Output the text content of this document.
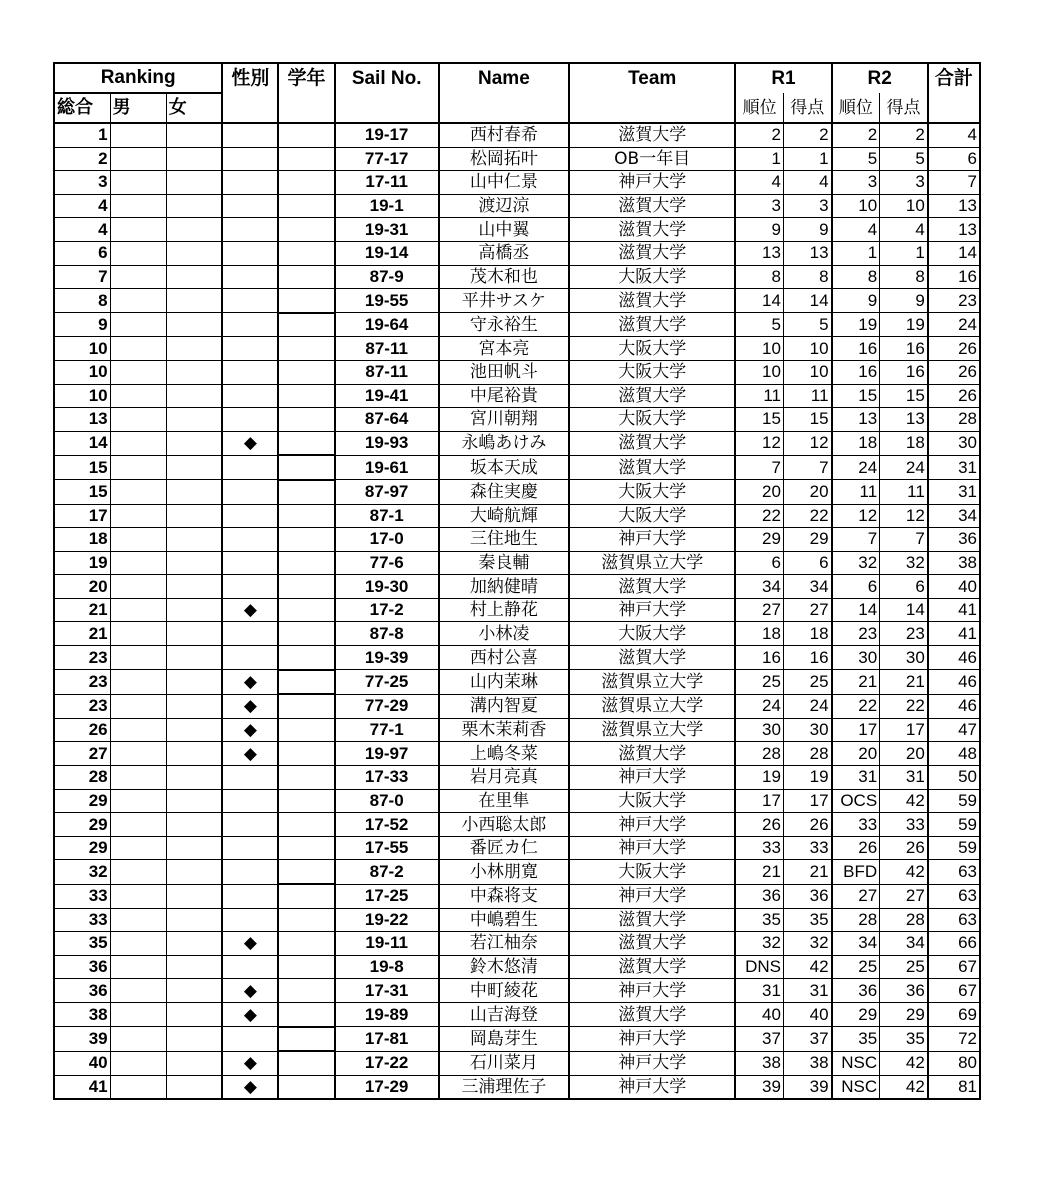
Ranking			性別	学年	Sail No.	Name	Team	R1		R2		合計
総合	男	女						順位	得点	順位	得点	
1					19-17	西村春希	滋賀大学	2	2	2	2	4
2					77-17	松岡拓叶	OB一年目	1	1	5	5	6
3					17-11	山中仁景	神戸大学	4	4	3	3	7
4					19-1	渡辺涼	滋賀大学	3	3	10	10	13
4					19-31	山中翼	滋賀大学	9	9	4	4	13
6					19-14	高橋丞	滋賀大学	13	13	1	1	14
7					87-9	茂木和也	大阪大学	8	8	8	8	16
8					19-55	平井サスケ	滋賀大学	14	14	9	9	23
9					19-64	守永裕生	滋賀大学	5	5	19	19	24
10					87-11	宮本亮	大阪大学	10	10	16	16	26
10					87-11	池田帆斗	大阪大学	10	10	16	16	26
10					19-41	中尾裕貴	滋賀大学	11	11	15	15	26
13					87-64	宮川朝翔	大阪大学	15	15	13	13	28
14			◆		19-93	永嶋あけみ	滋賀大学	12	12	18	18	30
15					19-61	坂本天成	滋賀大学	7	7	24	24	31
15					87-97	森住実慶	大阪大学	20	20	11	11	31
17					87-1	大崎航輝	大阪大学	22	22	12	12	34
18					17-0	三住地生	神戸大学	29	29	7	7	36
19					77-6	秦良輔	滋賀県立大学	6	6	32	32	38
20					19-30	加納健晴	滋賀大学	34	34	6	6	40
21			◆		17-2	村上静花	神戸大学	27	27	14	14	41
21					87-8	小林凌	大阪大学	18	18	23	23	41
23					19-39	西村公喜	滋賀大学	16	16	30	30	46
23			◆		77-25	山内茉琳	滋賀県立大学	25	25	21	21	46
23			◆		77-29	溝内智夏	滋賀県立大学	24	24	22	22	46
26			◆		77-1	栗木茉莉香	滋賀県立大学	30	30	17	17	47
27			◆		19-97	上嶋冬菜	滋賀大学	28	28	20	20	48
28					17-33	岩月亮真	神戸大学	19	19	31	31	50
29					87-0	在里隼	大阪大学	17	17	OCS	42	59
29					17-52	小西聡太郎	神戸大学	26	26	33	33	59
29					17-55	番匠カ仁	神戸大学	33	33	26	26	59
32					87-2	小林朋寛	大阪大学	21	21	BFD	42	63
33					17-25	中森将支	神戸大学	36	36	27	27	63
33					19-22	中嶋碧生	滋賀大学	35	35	28	28	63
35			◆		19-11	若江柚奈	滋賀大学	32	32	34	34	66
36					19-8	鈴木悠清	滋賀大学	DNS	42	25	25	67
36			◆		17-31	中町綾花	神戸大学	31	31	36	36	67
38			◆		19-89	山吉海登	滋賀大学	40	40	29	29	69
39					17-81	岡島芽生	神戸大学	37	37	35	35	72
40			◆		17-22	石川菜月	神戸大学	38	38	NSC	42	80
41			◆		17-29	三浦理佐子	神戸大学	39	39	NSC	42	81
